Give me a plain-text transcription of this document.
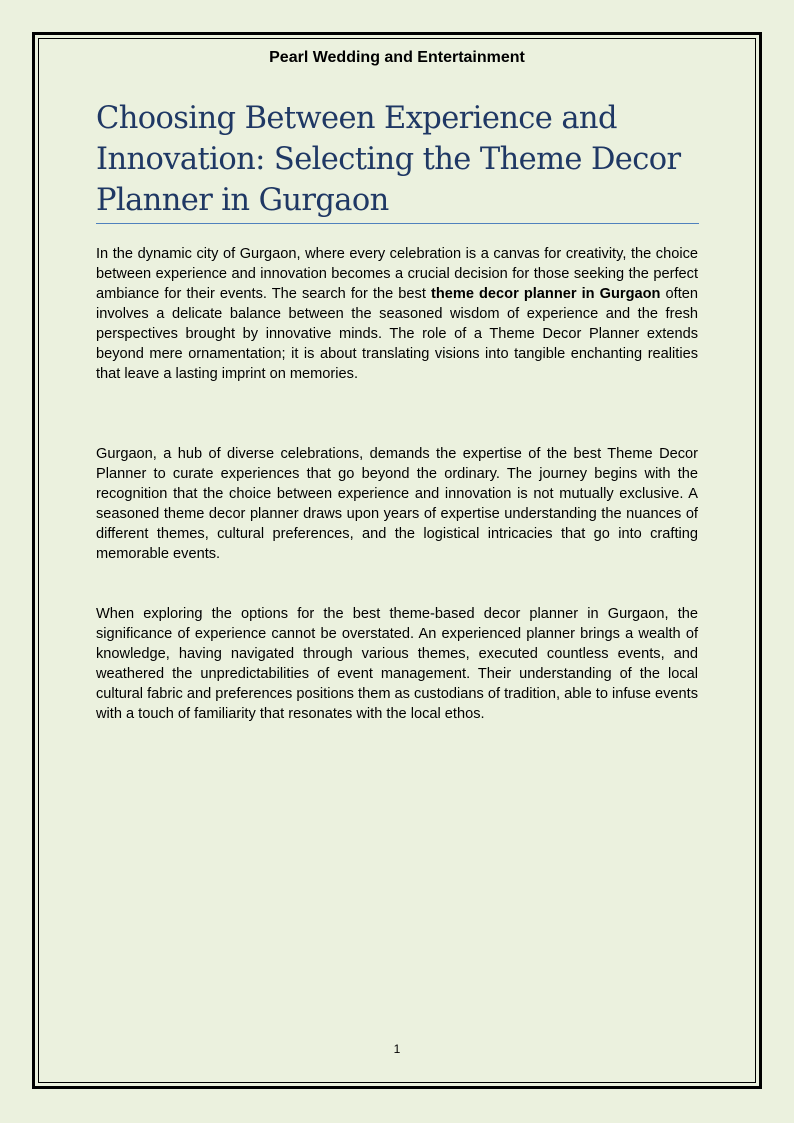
Pearl Wedding and Entertainment
Choosing Between Experience and Innovation: Selecting the Theme Decor Planner in Gurgaon

In the dynamic city of Gurgaon, where every celebration is a canvas for creativity, the choice between experience and innovation becomes a crucial decision for those seeking the perfect ambiance for their events. The search for the best theme decor planner in Gurgaon often involves a delicate balance between the seasoned wisdom of experience and the fresh perspectives brought by innovative minds. The role of a Theme Decor Planner extends beyond mere ornamentation; it is about translating visions into tangible enchanting realities that leave a lasting imprint on memories.

Gurgaon, a hub of diverse celebrations, demands the expertise of the best Theme Decor Planner to curate experiences that go beyond the ordinary. The journey begins with the recognition that the choice between experience and innovation is not mutually exclusive. A seasoned theme decor planner draws upon years of expertise understanding the nuances of different themes, cultural preferences, and the logistical intricacies that go into crafting memorable events.

When exploring the options for the best theme-based decor planner in Gurgaon, the significance of experience cannot be overstated. An experienced planner brings a wealth of knowledge, having navigated through various themes, executed countless events, and weathered the unpredictabilities of event management. Their understanding of the local cultural fabric and preferences positions them as custodians of tradition, able to infuse events with a touch of familiarity that resonates with the local ethos.

1
